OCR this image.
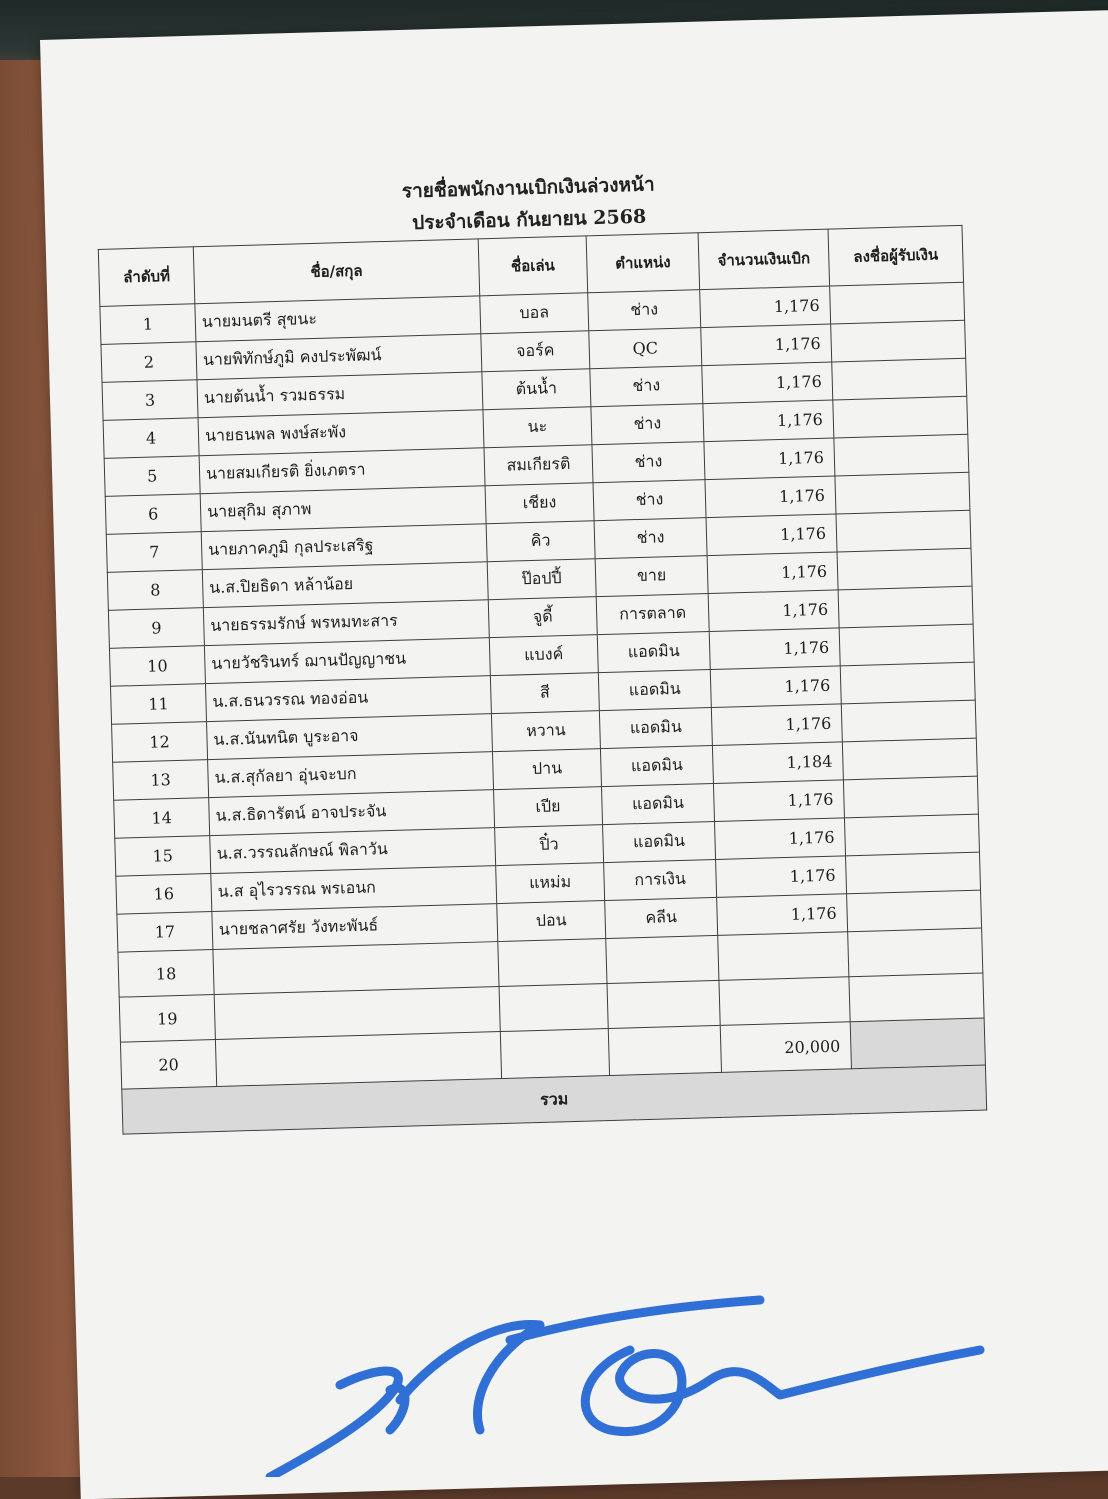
รายชื่อพนักงานเบิกเงินล่วงหน้า
ประจำเดือน กันยายน 2568
ลำดับที่	ชื่อ/สกุล	ชื่อเล่น	ตำแหน่ง	จำนวนเงินเบิก	ลงชื่อผู้รับเงิน
1	นายมนตรี สุขนะ	บอล	ช่าง	1,176	
2	นายพิทักษ์ภูมิ คงประพัฒน์	จอร์ค	QC	1,176	
3	นายต้นน้ำ รวมธรรม	ต้นน้ำ	ช่าง	1,176	
4	นายธนพล พงษ์สะพัง	นะ	ช่าง	1,176	
5	นายสมเกียรติ ยิ่งเภตรา	สมเกียรติ	ช่าง	1,176	
6	นายสุกิม สุภาพ	เชียง	ช่าง	1,176	
7	นายภาคภูมิ กุลประเสริฐ	คิว	ช่าง	1,176	
8	น.ส.ปิยธิดา หล้าน้อย	ป๊อปปี้	ขาย	1,176	
9	นายธรรมรักษ์ พรหมทะสาร	จูดี้	การตลาด	1,176	
10	นายวัชรินทร์ ฌานปัญญาชน	แบงค์	แอดมิน	1,176	
11	น.ส.ธนวรรณ ทองอ่อน	สี	แอดมิน	1,176	
12	น.ส.นันทนิต บูระอาจ	หวาน	แอดมิน	1,176	
13	น.ส.สุกัลยา อุ่นจะบก	ปาน	แอดมิน	1,184	
14	น.ส.ธิดารัตน์ อาจประจัน	เปีย	แอดมิน	1,176	
15	น.ส.วรรณลักษณ์ พิลาวัน	ปิ๋ว	แอดมิน	1,176	
16	น.ส อุไรวรรณ พรเอนก	แหม่ม	การเงิน	1,176	
17	นายชลาศรัย วังทะพันธ์	ปอน	คลีน	1,176	
18					
19					
20				20,000	
รวม					
